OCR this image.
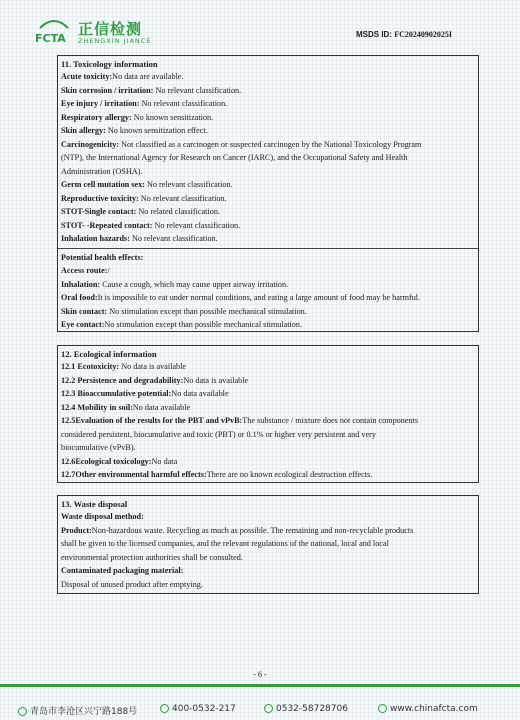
FCTA
正信检测
ZHENGXIN JIANCE
MSDS ID: FC20240902025I
11. Toxicology information
Acute toxicity:No data are available.
Skin corrosion / irritation: No relevant classification.
Eye injury / irritation: No relevant classification.
Respiratory allergy: No known sensitization.
Skin allergy: No known sensitization effect.
Carcinogenicity: Not classified as a carcinogen or suspected carcinogen by the National Toxicology Program
(NTP), the International Agency for Research on Cancer (IARC), and the Occupational Safety and Health
Administration (OSHA).
Germ cell mutation sex: No relevant classification.
Reproductive toxicity: No relevant classification.
STOT-Single contact: No related classification.
STOT- -Repeated contact: No relevant classification.
Inhalation hazards: No relevant classification.
Potential health effects:
Access route:/
Inhalation: Cause a cough, which may cause upper airway irritation.
Oral food:It is impossible to eat under normal conditions, and eating a large amount of food may be harmful.
Skin contact: No stimulation except than possible mechanical stimulation.
Eye contact:No stimulation except than possible mechanical stimulation.
12. Ecological information
12.1 Ecotoxicity: No data is available
12.2 Persistence and degradability:No data is available
12.3 Bioaccumulative potential:No data available
12.4 Mobility in soil:No data available
12.5Evaluation of the results for the PBT and vPvB:The substance / mixture does not contain components
considered persistent, biocumulative and toxic (PBT) or 0.1% or higher very persistent and very
biocumulative (vPvB).
12.6Ecological toxicology:No data
12.7Other environmental harmful effects:There are no known ecological destruction effects.
13. Waste disposal
Waste disposal method:
Product:Non-hazardous waste. Recycling as much as possible. The remaining and non-recyclable products
shall be given to the licensed companies, and the relevant regulations of the national, local and local
environmental protection authorities shall be consulted.
Contaminated packaging material:
Disposal of unused product after emptying.
- 6 -
青岛市李沧区兴宁路188号	400-0532-217	0532-58728706	www.chinafcta.com
